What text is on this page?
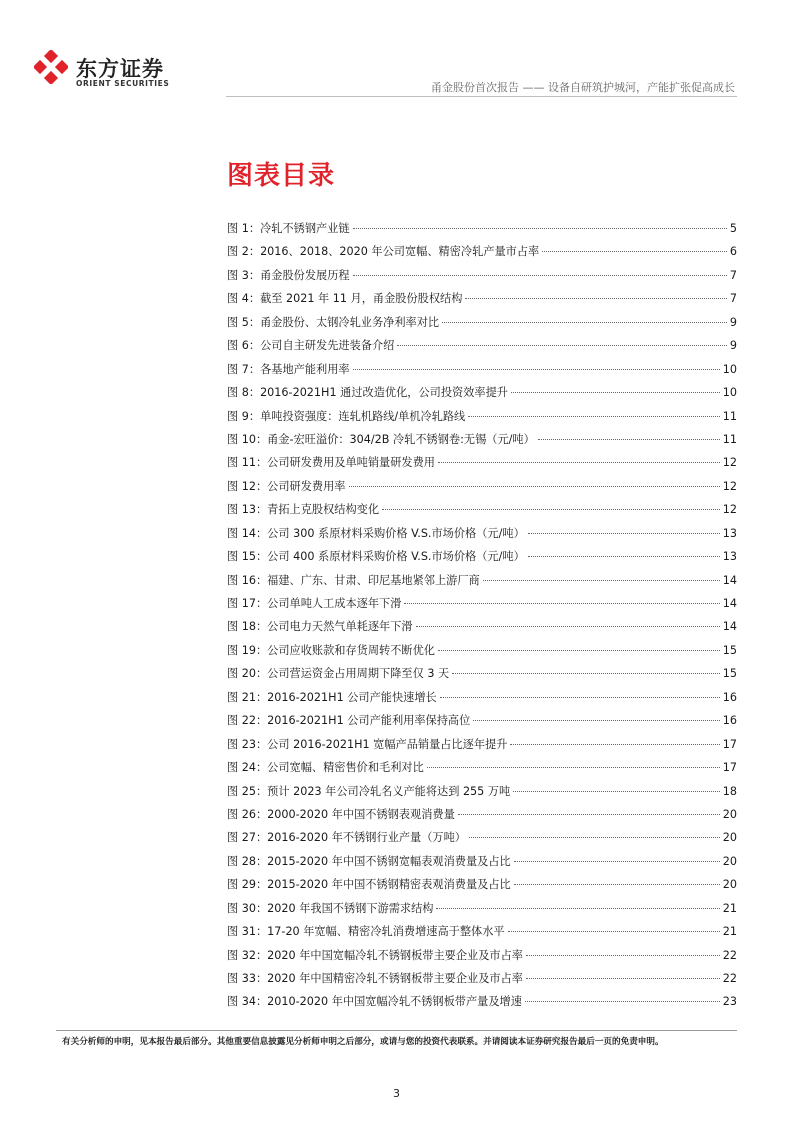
东方证券
ORIENT SECURITIES	甬金股份首次报告 —— 设备自研筑护城河，产能扩张促高成长
图表目录
图 1： 冷轧不锈钢产业链	5
图 2： 2016、2018、2020 年公司宽幅、精密冷轧产量市占率	6
图 3： 甬金股份发展历程	7
图 4： 截至 2021 年 11 月，甬金股份股权结构	7
图 5： 甬金股份、太钢冷轧业务净利率对比	9
图 6： 公司自主研发先进装备介绍	9
图 7： 各基地产能利用率	10
图 8： 2016-2021H1 通过改造优化，公司投资效率提升	10
图 9： 单吨投资强度：连轧机路线/单机冷轧路线	11
图 10： 甬金-宏旺溢价：304/2B 冷轧不锈钢卷:无锡（元/吨）	11
图 11： 公司研发费用及单吨销量研发费用	12
图 12： 公司研发费用率	12
图 13： 青拓上克股权结构变化	12
图 14： 公司 300 系原材料采购价格 V.S.市场价格（元/吨）	13
图 15： 公司 400 系原材料采购价格 V.S.市场价格（元/吨）	13
图 16： 福建、广东、甘肃、印尼基地紧邻上游厂商	14
图 17： 公司单吨人工成本逐年下滑	14
图 18： 公司电力天然气单耗逐年下滑	14
图 19： 公司应收账款和存货周转不断优化	15
图 20： 公司营运资金占用周期下降至仅 3 天	15
图 21： 2016-2021H1 公司产能快速增长	16
图 22： 2016-2021H1 公司产能利用率保持高位	16
图 23： 公司 2016-2021H1 宽幅产品销量占比逐年提升	17
图 24： 公司宽幅、精密售价和毛利对比	17
图 25： 预计 2023 年公司冷轧名义产能将达到 255 万吨	18
图 26： 2000-2020 年中国不锈钢表观消费量	20
图 27： 2016-2020 年不锈钢行业产量（万吨）	20
图 28： 2015-2020 年中国不锈钢宽幅表观消费量及占比	20
图 29： 2015-2020 年中国不锈钢精密表观消费量及占比	20
图 30： 2020 年我国不锈钢下游需求结构	21
图 31： 17-20 年宽幅、精密冷轧消费增速高于整体水平	21
图 32： 2020 年中国宽幅冷轧不锈钢板带主要企业及市占率	22
图 33： 2020 年中国精密冷轧不锈钢板带主要企业及市占率	22
图 34： 2010-2020 年中国宽幅冷轧不锈钢板带产量及增速	23
有关分析师的申明，见本报告最后部分。其他重要信息披露见分析师申明之后部分，或请与您的投资代表联系。并请阅读本证券研究报告最后一页的免责申明。
3
